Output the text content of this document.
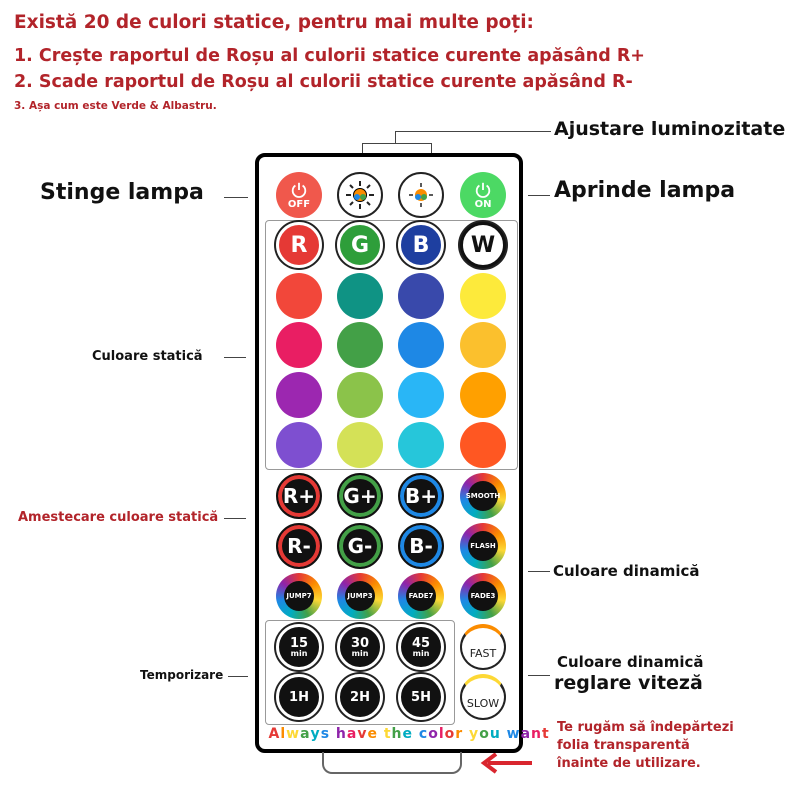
Există 20 de culori statice, pentru mai multe poți:
1. Crește raportul de Roșu al culorii statice curente apăsând R+
2. Scade raportul de Roșu al culorii statice curente apăsând R-
3. Așa cum este Verde & Albastru.
Ajustare luminozitate
Stinge lampa	Aprinde lampa
Culoare statică
Amestecare culoare statică
Culoare dinamică
Culoare dinamică
reglare viteză
Temporizare
Te rugăm să îndepărtezi
folia transparentă
înainte de utilizare.
OFF	ON
R	G	B	W
R+ G+ B+	SMOOTH
R- G- B-	FLASH
JUMP7	JUMP3	FADE7	FADE3
15
min
30
min
45
min	FAST
1H	2H	5H	SLOW
Always have the color you want
